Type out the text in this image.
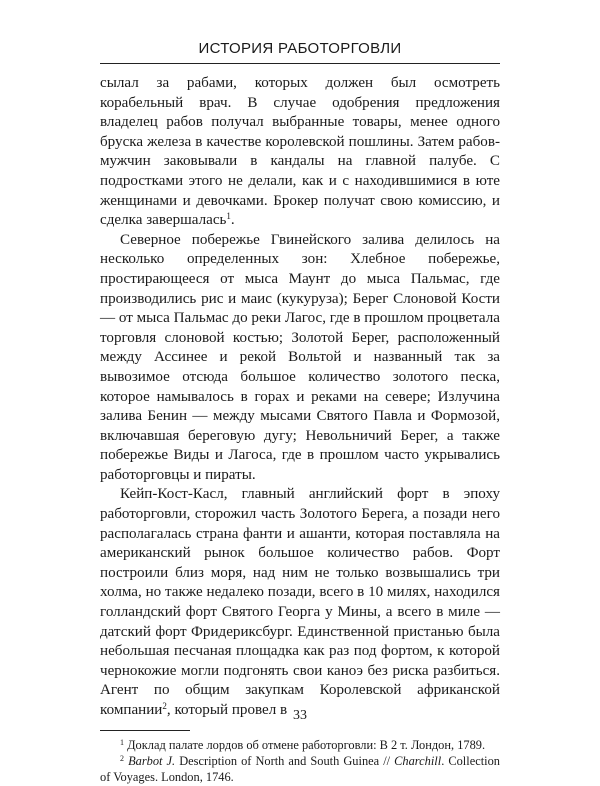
ИСТОРИЯ РАБОТОРГОВЛИ

сылал за рабами, которых должен был осмотреть корабельный врач. В случае одобрения предложения владелец рабов получал выбранные товары, менее одного бруска железа в качестве королевской пошлины. Затем рабов-мужчин заковывали в кандалы на главной палубе. С подростками этого не делали, как и с находившимися в юте женщинами и девочками. Брокер получат свою комиссию, и сделка завершалась$^1$.

Северное побережье Гвинейского залива делилось на несколько определенных зон: Хлебное побережье, простирающееся от мыса Маунт до мыса Пальмас, где производились рис и маис (кукуруза); Берег Слоновой Кости — от мыса Пальмас до реки Лагос, где в прошлом процветала торговля слоновой костью; Золотой Берег, расположенный между Ассинее и рекой Вольтой и названный так за вывозимое отсюда большое количество золотого песка, которое намывалось в горах и реками на севере; Излучина залива Бенин — между мысами Святого Павла и Формозой, включавшая береговую дугу; Невольничий Берег, а также побережье Виды и Лагоса, где в прошлом часто укрывались работорговцы и пираты.

Кейп-Кост-Касл, главный английский форт в эпоху работорговли, сторожил часть Золотого Берега, а позади него располагалась страна фанти и ашанти, которая поставляла на американский рынок большое количество рабов. Форт построили близ моря, над ним не только возвышались три холма, но также недалеко позади, всего в 10 милях, находился голландский форт Святого Георга у Мины, а всего в миле — датский форт Фридериксбург. Единственной пристанью была небольшая песчаная площадка как раз под фортом, к которой чернокожие могли подгонять свои каноэ без риска разбиться. Агент по общим закупкам Королевской африканской компании$^2$, который провел в

$^1$ Доклад палате лордов об отмене работорговли: В 2 т. Лондон, 1789.

$^2$ Barbot J. Description of North and South Guinea // Charchill. Collection of Voyages. London, 1746.

33
